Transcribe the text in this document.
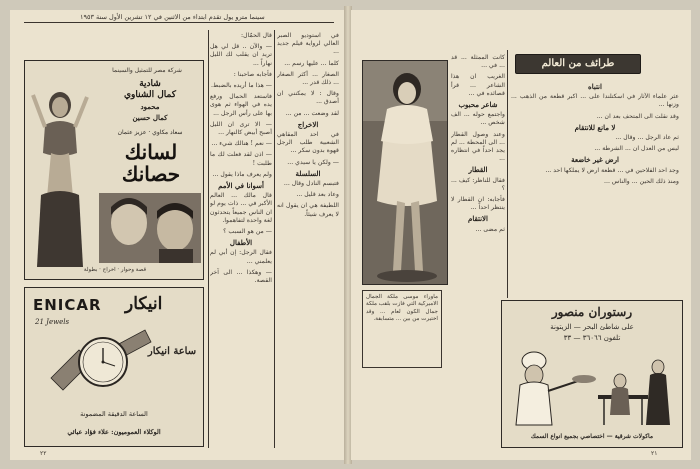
سينما مترو يول تقدم ابتداء من الاثنين في ١٢ تشرين الأول سنة ١٩٥٣
شركة مصر للتمثيل والسينما
شادية
كمال الشناوي
محمود
كمال حسين
سعاد مكاوي · عزيز عثمان
لسانك
حصانك
قصة وحوار · اخراج · بطولة
ENICAR انيكار
21 Jewels
ساعة انيكار
الساعة الدقيقة المضمونة
الوكلاء العموميون: علاء فؤاد عبائي

قال الحمّال:

— والآن .. قل لي هل تريد ان يقلب لك الليل نهاراً ...

فأجابه صاحبنا :

— هذا ما أريده بالضبط.

فاستعد الحمال ورفع يده في الهواء ثم هوى بها على رأس الرجل ...

— الا ترى ان الليل أصبح أبيض كالنهار ...

— نعم ! هنالك شيء ...

— اذن لقد فعلت لك ما طلبت !

ولم يعرف ماذا يقول ...

أسوانا في الأمم

قال مالك ... العالم الأكبر في ... ذات يوم لو ان الناس جميعاً يتحدثون لغة واحدة لتفاهموا.

— من هو السبب ؟

الأطفال

فقال الرجل: إن أبي لم يعلمني ...

— وهكذا ... الى آخر القصة.

في استوديو الصبر العالي لرواية فيلم جديد ...

كلما ... عليها رسم ...

الصغار ... أكثر الصغار ... ذلك قدر ...

وقال : لا يمكنني ان أصدق ...

لقد وضعت ... من ...

الاخراج

في احد المقاهي الشعبية طلب الرجل قهوة بدون سكر ...

— ولكن يا سيدي ...

السلسلة

فتبسم النادل وقال ...

وعاد بعد قليل ...

اللطيفة هي ان يقول انه لا يعرف شيئاً.

٢٢
طرائف من العالم
ماوراء موسى ملكة الجمال الاميركية التي فازت بلقب ملكة جمال الكون لعام ... وقد اختيرت من بين ... متسابقة.

كانت الممثلة ... قد ... في ...

الغريب ان هذا الشاعر ... قرأ قصائده في ...

شاعر محبوب

واجتمع حوله ... الف شخص ...

وعند وصول القطار ... الى المحطة ... لم يجد احداً في انتظاره ...

القطار

فقال للناظر: كيف ... ؟

فأجابه: ان القطار لا ينتظر احداً ...

الانتقام

ثم مضى ...

انتباه

عثر علماء الآثار في اسكتلندا على ... اكبر قطعة من الذهب ... وزنها ...

وقد نقلت الى المتحف بعد ان ...

لا مانع للانتقام

ثم عاد الرجل ... وقال ...

ليس من العدل ان ... الشرطة ...

ارض غير خاضعة

وجد احد الفلاحين في ... قطعة ارض لا يملكها احد ...

ومنذ ذلك الحين ... والناس ...

رستوران منصور
على شاطئ البحر — الزيتونة
تلفون ٣٦٠٦٦ — ٣٣
ماكولات شرقية — اختصاصي بجميع انواع السمك
٢١
